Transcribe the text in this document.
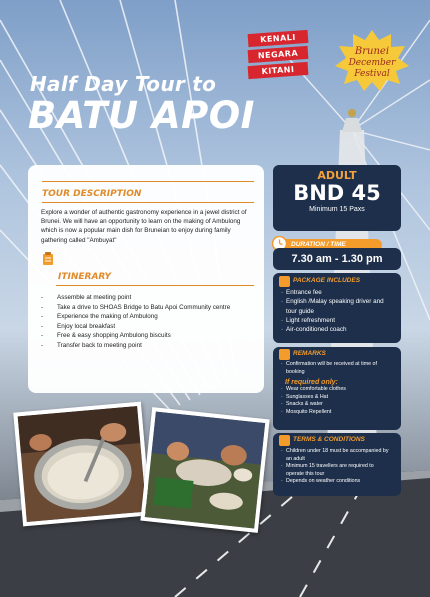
KENALI
NEGARA
KITANI
Brunei
December
Festival
Half Day Tour to
BATU APOI
TOUR DESCRIPTION
Explore a wonder of authentic gastronomy experience in a jewel district of Brunei. We will have an opportunity to learn on the making of Ambulong which is now a popular main dish for Bruneian to enjoy during family gathering called "Ambuyat"
ITINERARY
- Assemble at meeting point
- Take a drive to SHOAS Bridge to Batu Apoi Community centre
- Experience the making of Ambulong
- Enjoy local breakfast
- Free & easy shopping Ambulong biscuits
- Transfer back to meeting point
ADULT
BND 45
Minimum 15 Paxs
DURATION / TIME
7.30 am - 1.30 pm
PACKAGE INCLUDES
· Entrance fee
· English /Malay speaking driver and tour guide
· Light refreshment
· Air-conditioned coach
REMARKS
· Confirmation will be received at time of booking
If required only:
· Wear comfortable clothes
· Sunglasses & Hat
· Snacks & water
· Mosquito Repellent
TERMS & CONDITIONS
· Children under 18 must be accompanied by an adult
· Minimum 15 travellers are required to operate this tour
· Depends on weather conditions
